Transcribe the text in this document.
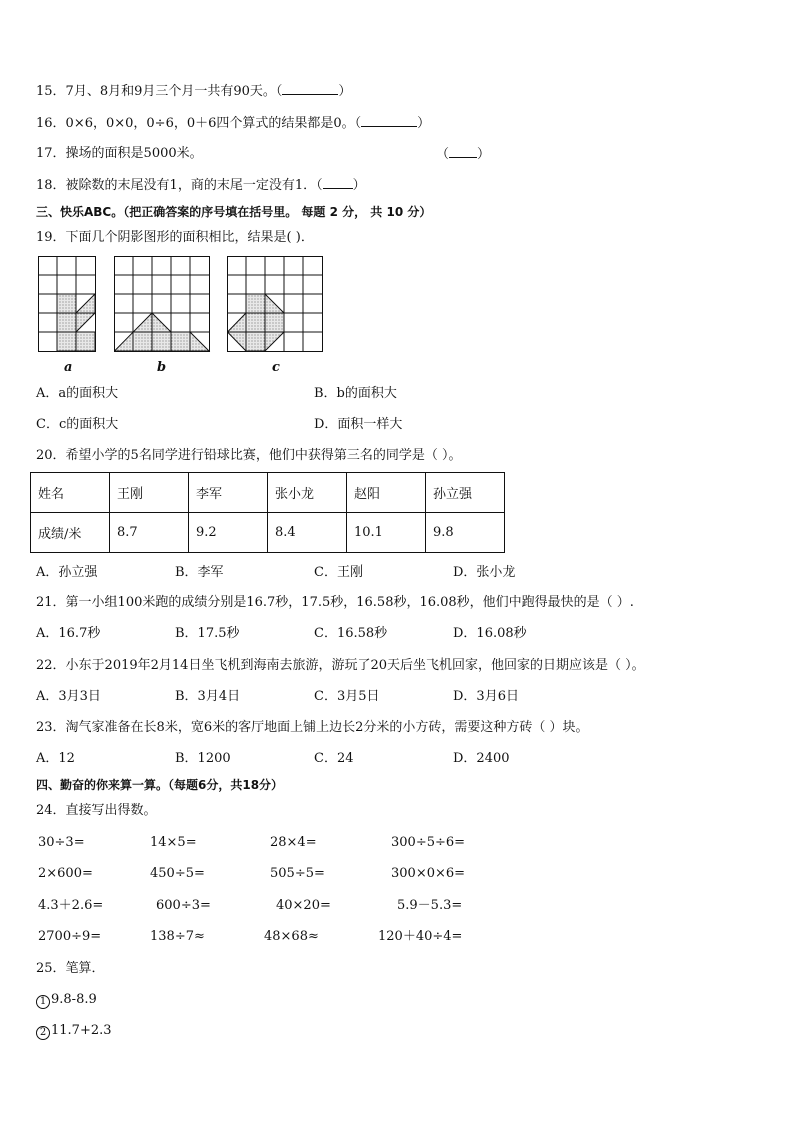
15．7月、8月和9月三个月一共有90天。（	）
16．0×6，0×0，0÷6，0＋6四个算式的结果都是0。（	）
17．操场的面积是5000米。	（ ）
18．被除数的末尾没有1，商的末尾一定没有1．（ ）
三、快乐ABC。（把正确答案的序号填在括号里。 每题 2 分， 共 10 分）
19．下面几个阴影图形的面积相比，结果是( )．
a	b	c
A．a的面积大	B．b的面积大
C．c的面积大	D．面积一样大
20．希望小学的5名同学进行铅球比赛，他们中获得第三名的同学是（ ）。
姓名	王刚	李军	张小龙	赵阳	孙立强
成绩/米	8.7	9.2	8.4	10.1	9.8
A．孙立强	B．李军	C．王刚	D．张小龙
21．第一小组100米跑的成绩分别是16.7秒，17.5秒，16.58秒，16.08秒，他们中跑得最快的是（ ）.
A．16.7秒	B．17.5秒	C．16.58秒	D．16.08秒
22．小东于2019年2月14日坐飞机到海南去旅游，游玩了20天后坐飞机回家，他回家的日期应该是（ ）。
A．3月3日	B．3月4日	C．3月5日	D．3月6日
23．淘气家准备在长8米，宽6米的客厅地面上铺上边长2分米的小方砖，需要这种方砖（ ）块。
A．12	B．1200	C．24	D．2400
四、勤奋的你来算一算。（每题6分，共18分）
24．直接写出得数。
30÷3=	14×5=	28×4=	300÷5÷6=
2×600=	450÷5=	505÷5=	300×0×6=
4.3＋2.6=	600÷3=	40×20=	5.9－5.3=
2700÷9=	138÷7≈	48×68≈	120＋40÷4=
25．笔算．
1 9.8-8.9
2 11.7+2.3
